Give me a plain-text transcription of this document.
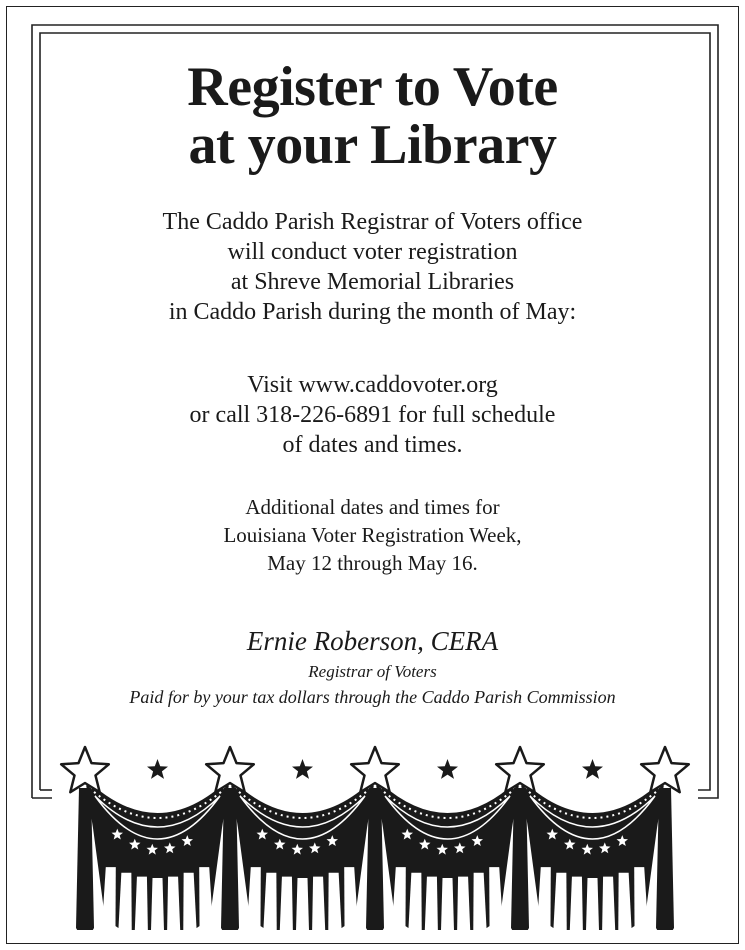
Register to Vote
at your Library

The Caddo Parish Registrar of Voters office
will conduct voter registration
at Shreve Memorial Libraries
in Caddo Parish during the month of May:

Visit www.caddovoter.org
or call 318-226-6891 for full schedule
of dates and times.

Additional dates and times for
Louisiana Voter Registration Week,
May 12 through May 16.

Ernie Roberson, CERA
Registrar of Voters
Paid for by your tax dollars through the Caddo Parish Commission
